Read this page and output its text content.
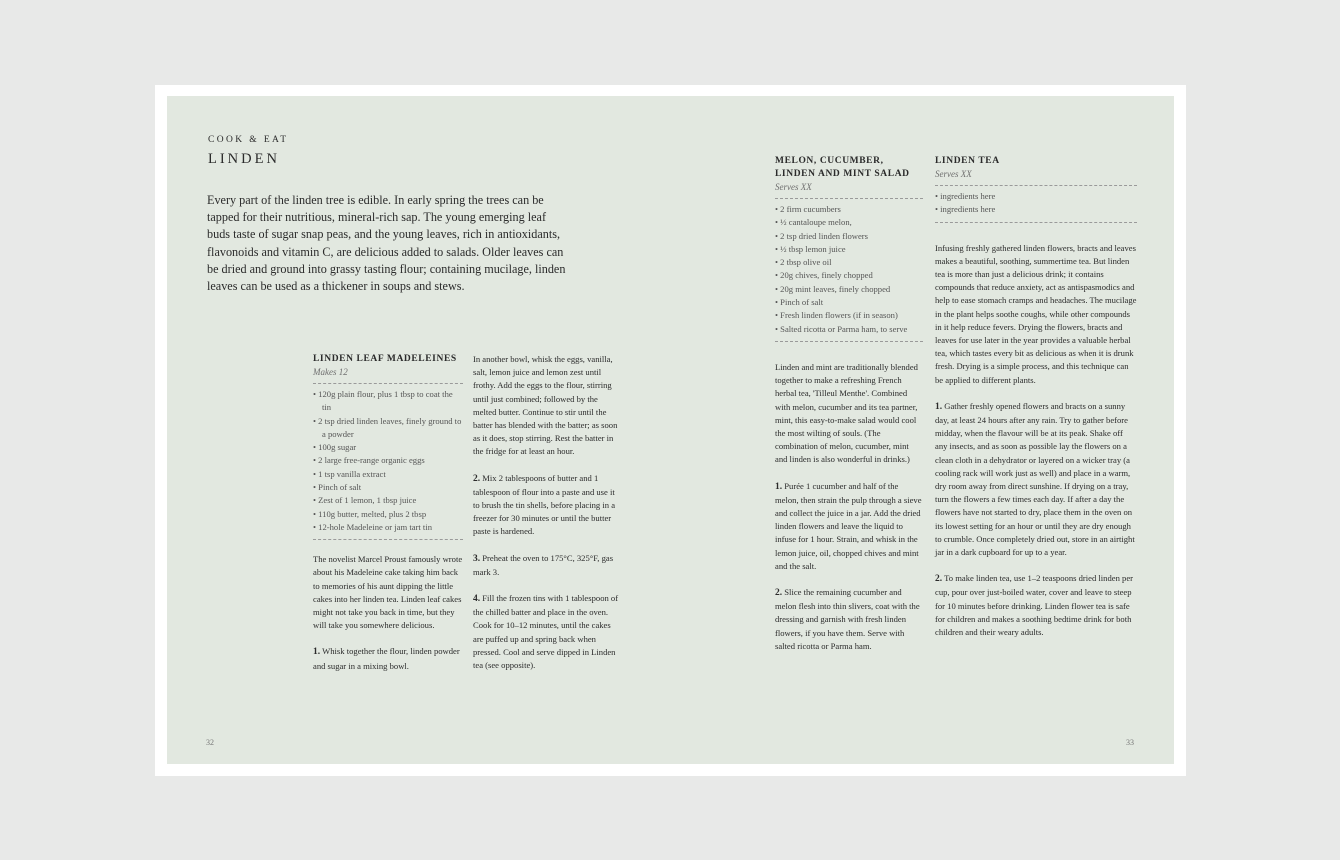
COOK & EAT
LINDEN
Every part of the linden tree is edible. In early spring the trees can be tapped for their nutritious, mineral-rich sap. The young emerging leaf buds taste of sugar snap peas, and the young leaves, rich in antioxidants, flavonoids and vitamin C, are delicious added to salads. Older leaves can be dried and ground into grassy tasting flour; containing mucilage, linden leaves can be used as a thickener in soups and stews.
LINDEN LEAF MADELEINES
Makes 12
• 120g plain flour, plus 1 tbsp to coat the tin
• 2 tsp dried linden leaves, finely ground to a powder
• 100g sugar
• 2 large free-range organic eggs
• 1 tsp vanilla extract
• Pinch of salt
• Zest of 1 lemon, 1 tbsp juice
• 110g butter, melted, plus 2 tbsp
• 12-hole Madeleine or jam tart tin

The novelist Marcel Proust famously wrote about his Madeleine cake taking him back to memories of his aunt dipping the little cakes into her linden tea. Linden leaf cakes might not take you back in time, but they will take you somewhere delicious.

1. Whisk together the flour, linden powder and sugar in a mixing bowl.

In another bowl, whisk the eggs, vanilla, salt, lemon juice and lemon zest until frothy. Add the eggs to the flour, stirring until just combined; followed by the melted butter. Continue to stir until the batter has blended with the batter; as soon as it does, stop stirring. Rest the batter in the fridge for at least an hour.

2. Mix 2 tablespoons of butter and 1 tablespoon of flour into a paste and use it to brush the tin shells, before placing in a freezer for 30 minutes or until the butter paste is hardened.

3. Preheat the oven to 175°C, 325°F, gas mark 3.

4. Fill the frozen tins with 1 tablespoon of the chilled batter and place in the oven. Cook for 10–12 minutes, until the cakes are puffed up and spring back when pressed. Cool and serve dipped in Linden tea (see opposite).

32
MELON, CUCUMBER,
LINDEN AND MINT SALAD
Serves XX
• 2 firm cucumbers
• ½ cantaloupe melon,
• 2 tsp dried linden flowers
• ½ tbsp lemon juice
• 2 tbsp olive oil
• 20g chives, finely chopped
• 20g mint leaves, finely chopped
• Pinch of salt
• Fresh linden flowers (if in season)
• Salted ricotta or Parma ham, to serve

Linden and mint are traditionally blended together to make a refreshing French herbal tea, 'Tilleul Menthe'. Combined with melon, cucumber and its tea partner, mint, this easy-to-make salad would cool the most wilting of souls. (The combination of melon, cucumber, mint and linden is also wonderful in drinks.)

1. Purée 1 cucumber and half of the melon, then strain the pulp through a sieve and collect the juice in a jar. Add the dried linden flowers and leave the liquid to infuse for 1 hour. Strain, and whisk in the lemon juice, oil, chopped chives and mint and the salt.

2. Slice the remaining cucumber and melon flesh into thin slivers, coat with the dressing and garnish with fresh linden flowers, if you have them. Serve with salted ricotta or Parma ham.

LINDEN TEA
Serves XX
• ingredients here
• ingredients here

Infusing freshly gathered linden flowers, bracts and leaves makes a beautiful, soothing, summertime tea. But linden tea is more than just a delicious drink; it contains compounds that reduce anxiety, act as antispasmodics and help to ease stomach cramps and headaches. The mucilage in the plant helps soothe coughs, while other compounds in it help reduce fevers. Drying the flowers, bracts and leaves for use later in the year provides a valuable herbal tea, which tastes every bit as delicious as when it is drunk fresh. Drying is a simple process, and this technique can be applied to different plants.

1. Gather freshly opened flowers and bracts on a sunny day, at least 24 hours after any rain. Try to gather before midday, when the flavour will be at its peak. Shake off any insects, and as soon as possible lay the flowers on a clean cloth in a dehydrator or layered on a wicker tray (a cooling rack will work just as well) and place in a warm, dry room away from direct sunshine. If drying on a tray, turn the flowers a few times each day. If after a day the flowers have not started to dry, place them in the oven on its lowest setting for an hour or until they are dry enough to crumble. Once completely dried out, store in an airtight jar in a dark cupboard for up to a year.

2. To make linden tea, use 1–2 teaspoons dried linden per cup, pour over just-boiled water, cover and leave to steep for 10 minutes before drinking. Linden flower tea is safe for children and makes a soothing bedtime drink for both children and their weary adults.

33
